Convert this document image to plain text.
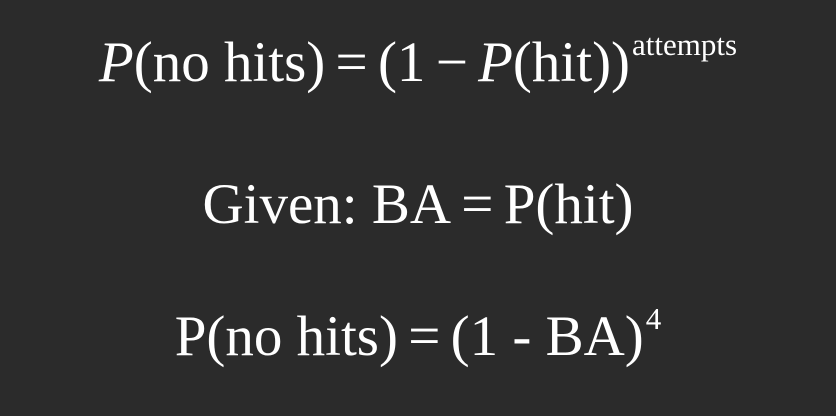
P(no hits) = $(1 - P(hit))^{attempts}$
Given: BA = P(hit)
P(no hits) = (1 - BA)$^4$
